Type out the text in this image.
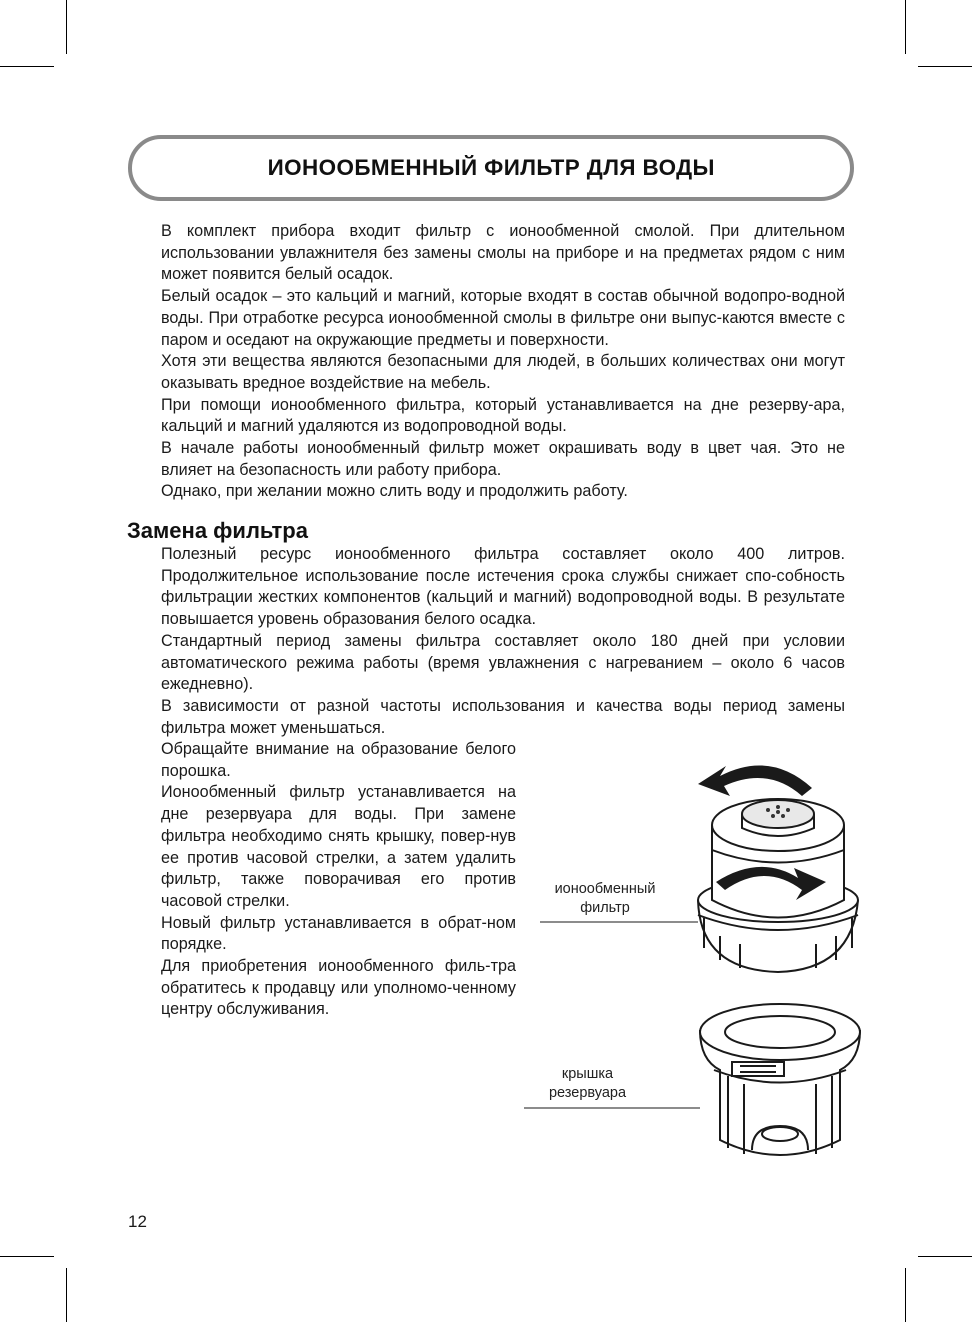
ИОНООБМЕННЫЙ ФИЛЬТР ДЛЯ ВОДЫ

В комплект прибора входит фильтр с ионообменной смолой. При длительном использовании увлажнителя без замены смолы на приборе и на предметах рядом с ним может появится белый осадок.

Белый осадок – это кальций и магний, которые входят в состав обычной водопро-водной воды. При отработке ресурса ионообменной смолы в фильтре они выпус-каются вместе с паром и оседают на окружающие предметы и поверхности.

Хотя эти вещества являются безопасными для людей, в больших количествах они могут оказывать вредное воздействие на мебель.

При помощи ионообменного фильтра, который устанавливается на дне резерву-ара, кальций и магний удаляются из водопроводной воды.

В начале работы ионообменный фильтр может окрашивать воду в цвет чая. Это не влияет на безопасность или работу прибора.

Однако, при желании можно слить воду и продолжить работу.

Замена фильтра

Полезный ресурс ионообменного фильтра составляет около 400 литров. Продолжительное использование после истечения срока службы снижает спо-собность фильтрации жестких компонентов (кальций и магний) водопроводной воды. В результате повышается уровень образования белого осадка.

Стандартный период замены фильтра составляет около 180 дней при условии автоматического режима работы (время увлажнения с нагреванием – около 6 часов ежедневно).

В зависимости от разной частоты использования и качества воды период замены фильтра может уменьшаться.

Обращайте внимание на образование белого порошка.

Ионообменный фильтр устанавливается на дне резервуара для воды. При замене фильтра необходимо снять крышку, повер-нув ее против часовой стрелки, а затем удалить фильтр, также поворачивая его против часовой стрелки.

Новый фильтр устанавливается в обрат-ном порядке.

Для приобретения ионообменного филь-тра обратитесь к продавцу или уполномо-ченному центру обслуживания.

ионообменный
фильтр
крышка
резервуара
12
